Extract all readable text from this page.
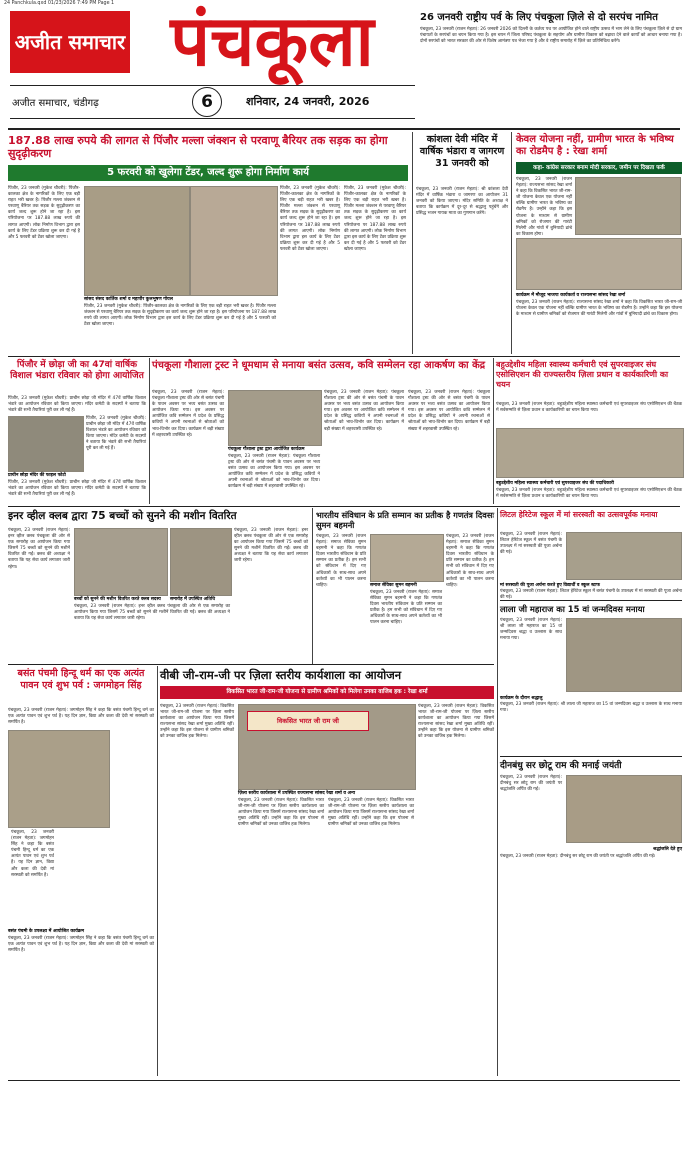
24 Panchkula.qxd 01/23/2026 7:49 PM Page 1
अजीत समाचार पंचकूला
अजीत समाचार, चंडीगढ़	6	शनिवार, 24 जनवरी, 2026
26 जनवरी राष्ट्रीय पर्व के लिए पंचकूला ज़िले से दो सरपंच नामित
पंचकूला, 23 जनवरी (राजन मेहता): 26 जनवरी 2026 को दिल्ली के कर्तव्य पथ पर आयोजित होने वाले राष्ट्रीय उत्सव में भाग लेने के लिए पंचकूला ज़िले से दो ग्राम पंचायतों के सरपंचों का चयन किया गया है। इस चयन में जिला परिषद पंचकूला के सहयोग और ग्रामीण विकास को बढ़ावा देने वाले कार्यों को आधार बनाया गया है। दोनों सरपंचों को भारत सरकार की ओर से विशेष आमंत्रण पत्र भेजा गया है और वे राष्ट्रीय समारोह में ज़िले का प्रतिनिधित्व करेंगे।
187.88 लाख रुपये की लागत से पिंजौर मल्ला जंक्शन से परवाणू बैरियर तक सड़क का होगा सुदृढ़ीकरण
5 फरवरी को खुलेगा टेंडर, जल्द शुरू होगा निर्माण कार्य
पिंजौर, 23 जनवरी (मुकेश चौधरी): पिंजौर-कालका क्षेत्र के नागरिकों के लिए एक बड़ी राहत भरी खबर है। पिंजौर मल्ला जंक्शन से परवाणू बैरियर तक सड़क के सुदृढ़ीकरण का कार्य जल्द शुरू होने जा रहा है। इस परियोजना पर 187.88 लाख रुपये की लागत आएगी। लोक निर्माण विभाग द्वारा इस कार्य के लिए टेंडर प्रक्रिया शुरू कर दी गई है और 5 फरवरी को टेंडर खोला जाएगा।
सांसद संसद कार्तिक शर्मा व महापौर कुलभूषण गोयल
पिंजौर, 23 जनवरी (मुकेश चौधरी): पिंजौर-कालका क्षेत्र के नागरिकों के लिए एक बड़ी राहत भरी खबर है। पिंजौर मल्ला जंक्शन से परवाणू बैरियर तक सड़क के सुदृढ़ीकरण का कार्य जल्द शुरू होने जा रहा है। इस परियोजना पर 187.88 लाख रुपये की लागत आएगी। लोक निर्माण विभाग द्वारा इस कार्य के लिए टेंडर प्रक्रिया शुरू कर दी गई है और 5 फरवरी को टेंडर खोला जाएगा।
पिंजौर, 23 जनवरी (मुकेश चौधरी): पिंजौर-कालका क्षेत्र के नागरिकों के लिए एक बड़ी राहत भरी खबर है। पिंजौर मल्ला जंक्शन से परवाणू बैरियर तक सड़क के सुदृढ़ीकरण का कार्य जल्द शुरू होने जा रहा है। इस परियोजना पर 187.88 लाख रुपये की लागत आएगी। लोक निर्माण विभाग द्वारा इस कार्य के लिए टेंडर प्रक्रिया शुरू कर दी गई है और 5 फरवरी को टेंडर खोला जाएगा।
पिंजौर, 23 जनवरी (मुकेश चौधरी): पिंजौर-कालका क्षेत्र के नागरिकों के लिए एक बड़ी राहत भरी खबर है। पिंजौर मल्ला जंक्शन से परवाणू बैरियर तक सड़क के सुदृढ़ीकरण का कार्य जल्द शुरू होने जा रहा है। इस परियोजना पर 187.88 लाख रुपये की लागत आएगी। लोक निर्माण विभाग द्वारा इस कार्य के लिए टेंडर प्रक्रिया शुरू कर दी गई है और 5 फरवरी को टेंडर खोला जाएगा।
कांशला देवी मंदिर में वार्षिक भंडारा व जागरण 31 जनवरी को
पंचकूला, 23 जनवरी (राजन मेहता): श्री कांशला देवी मंदिर में वार्षिक भंडारा व जागरण का आयोजन 31 जनवरी को किया जाएगा। मंदिर समिति के अध्यक्ष ने बताया कि कार्यक्रम में दूर-दूर से श्रद्धालु पहुंचेंगे और प्रसिद्ध भजन गायक माता का गुणगान करेंगे।
केवल योजना नहीं, ग्रामीण भारत के भविष्य का रोडमैप है : रेखा शर्मा
कहा- कांग्रेस सरकार बनाम मोदी सरकार, जमीन पर दिखता फर्क
पंचकूला, 23 जनवरी (राजन मेहता): राज्यसभा सांसद रेखा शर्मा ने कहा कि विकसित भारत जी-राम-जी योजना केवल एक योजना नहीं बल्कि ग्रामीण भारत के भविष्य का रोडमैप है। उन्होंने कहा कि इस योजना के माध्यम से ग्रामीण श्रमिकों को रोजगार की गारंटी मिलेगी और गांवों में बुनियादी ढांचे का विकास होगा।
कार्यक्रम में मौजूद भाजपा कार्यकर्ता व राज्यसभा सांसद रेखा शर्मा
पंचकूला, 23 जनवरी (राजन मेहता): राज्यसभा सांसद रेखा शर्मा ने कहा कि विकसित भारत जी-राम-जी योजना केवल एक योजना नहीं बल्कि ग्रामीण भारत के भविष्य का रोडमैप है। उन्होंने कहा कि इस योजना के माध्यम से ग्रामीण श्रमिकों को रोजगार की गारंटी मिलेगी और गांवों में बुनियादी ढांचे का विकास होगा।
पिंजौर में छोड़ा जी का 47वां वार्षिक विशाल भंडारा रविवार को होगा आयोजित
पिंजौर, 23 जनवरी (मुकेश चौधरी): प्राचीन छोड़ा जी मंदिर में 47वें वार्षिक विशाल भंडारे का आयोजन रविवार को किया जाएगा। मंदिर कमेटी के सदस्यों ने बताया कि भंडारे की सभी तैयारियां पूरी कर ली गई हैं।
प्राचीन छोड़ा मंदिर की फाइल फोटो
पिंजौर, 23 जनवरी (मुकेश चौधरी): प्राचीन छोड़ा जी मंदिर में 47वें वार्षिक विशाल भंडारे का आयोजन रविवार को किया जाएगा। मंदिर कमेटी के सदस्यों ने बताया कि भंडारे की सभी तैयारियां पूरी कर ली गई हैं।
पिंजौर, 23 जनवरी (मुकेश चौधरी): प्राचीन छोड़ा जी मंदिर में 47वें वार्षिक विशाल भंडारे का आयोजन रविवार को किया जाएगा। मंदिर कमेटी के सदस्यों ने बताया कि भंडारे की सभी तैयारियां पूरी कर ली गई हैं।
पंचकूला गौशाला ट्रस्ट ने धूमधाम से मनाया बसंत उत्सव, कवि सम्मेलन रहा आकर्षण का केंद्र
पंचकूला, 23 जनवरी (राजन मेहता): पंचकूला गौशाला ट्रस्ट की ओर से बसंत पंचमी के पावन अवसर पर भव्य बसंत उत्सव का आयोजन किया गया। इस अवसर पर आयोजित कवि सम्मेलन में प्रदेश के प्रसिद्ध कवियों ने अपनी रचनाओं से श्रोताओं को भाव-विभोर कर दिया। कार्यक्रम में बड़ी संख्या में शहरवासी उपस्थित रहे।
पंचकूला गौशाला ट्रस्ट द्वारा आयोजित कार्यक्रम
पंचकूला, 23 जनवरी (राजन मेहता): पंचकूला गौशाला ट्रस्ट की ओर से बसंत पंचमी के पावन अवसर पर भव्य बसंत उत्सव का आयोजन किया गया। इस अवसर पर आयोजित कवि सम्मेलन में प्रदेश के प्रसिद्ध कवियों ने अपनी रचनाओं से श्रोताओं को भाव-विभोर कर दिया। कार्यक्रम में बड़ी संख्या में शहरवासी उपस्थित रहे।
पंचकूला, 23 जनवरी (राजन मेहता): पंचकूला गौशाला ट्रस्ट की ओर से बसंत पंचमी के पावन अवसर पर भव्य बसंत उत्सव का आयोजन किया गया। इस अवसर पर आयोजित कवि सम्मेलन में प्रदेश के प्रसिद्ध कवियों ने अपनी रचनाओं से श्रोताओं को भाव-विभोर कर दिया। कार्यक्रम में बड़ी संख्या में शहरवासी उपस्थित रहे।
पंचकूला, 23 जनवरी (राजन मेहता): पंचकूला गौशाला ट्रस्ट की ओर से बसंत पंचमी के पावन अवसर पर भव्य बसंत उत्सव का आयोजन किया गया। इस अवसर पर आयोजित कवि सम्मेलन में प्रदेश के प्रसिद्ध कवियों ने अपनी रचनाओं से श्रोताओं को भाव-विभोर कर दिया। कार्यक्रम में बड़ी संख्या में शहरवासी उपस्थित रहे।
बहुउद्देशीय महिला स्वास्थ्य कर्मचारी एवं सुपरवाइजर संघ एसोसिएशन की राज्यस्तरीय ज़िला प्रधान व कार्यकारिणी का चयन
पंचकूला, 23 जनवरी (राजन मेहता): बहुउद्देशीय महिला स्वास्थ्य कर्मचारी एवं सुपरवाइजर संघ एसोसिएशन की बैठक में सर्वसम्मति से ज़िला प्रधान व कार्यकारिणी का चयन किया गया।
बहुउद्देशीय महिला स्वास्थ्य कर्मचारी एवं सुपरवाइजर संघ की पदाधिकारी
पंचकूला, 23 जनवरी (राजन मेहता): बहुउद्देशीय महिला स्वास्थ्य कर्मचारी एवं सुपरवाइजर संघ एसोसिएशन की बैठक में सर्वसम्मति से ज़िला प्रधान व कार्यकारिणी का चयन किया गया।
इनर व्हील क्लब द्वारा 75 बच्चों को सुनने की मशीन वितरित
पंचकूला, 23 जनवरी (राजन मेहता): इनर व्हील क्लब पंचकूला की ओर से एक समारोह का आयोजन किया गया जिसमें 75 बच्चों को सुनने की मशीनें वितरित की गईं। क्लब की अध्यक्षा ने बताया कि यह सेवा कार्य लगातार जारी रहेगा।
बच्चों को सुनने की मशीन वितरित करते क्लब सदस्य	समारोह में उपस्थित अतिथि
पंचकूला, 23 जनवरी (राजन मेहता): इनर व्हील क्लब पंचकूला की ओर से एक समारोह का आयोजन किया गया जिसमें 75 बच्चों को सुनने की मशीनें वितरित की गईं। क्लब की अध्यक्षा ने बताया कि यह सेवा कार्य लगातार जारी रहेगा।
पंचकूला, 23 जनवरी (राजन मेहता): इनर व्हील क्लब पंचकूला की ओर से एक समारोह का आयोजन किया गया जिसमें 75 बच्चों को सुनने की मशीनें वितरित की गईं। क्लब की अध्यक्षा ने बताया कि यह सेवा कार्य लगातार जारी रहेगा।
भारतीय संविधान के प्रति सम्मान का प्रतीक है गणतंत्र दिवसः सुमन बहमनी
पंचकूला, 23 जनवरी (राजन मेहता): समाज सेविका सुमन बहमनी ने कहा कि गणतंत्र दिवस भारतीय संविधान के प्रति सम्मान का प्रतीक है। हम सभी को संविधान में दिए गए अधिकारों के साथ-साथ अपने कर्तव्यों का भी पालन करना चाहिए।	समाज सेविका सुमन बहमनी
पंचकूला, 23 जनवरी (राजन मेहता): समाज सेविका सुमन बहमनी ने कहा कि गणतंत्र दिवस भारतीय संविधान के प्रति सम्मान का प्रतीक है। हम सभी को संविधान में दिए गए अधिकारों के साथ-साथ अपने कर्तव्यों का भी पालन करना चाहिए।
पंचकूला, 23 जनवरी (राजन मेहता): समाज सेविका सुमन बहमनी ने कहा कि गणतंत्र दिवस भारतीय संविधान के प्रति सम्मान का प्रतीक है। हम सभी को संविधान में दिए गए अधिकारों के साथ-साथ अपने कर्तव्यों का भी पालन करना चाहिए।
लिटल हेरिटेज स्कूल में मां सरस्वती का उत्सवपूर्वक मनाया
पंचकूला, 23 जनवरी (राजन मेहता): लिटल हेरिटेज स्कूल में बसंत पंचमी के उपलक्ष्य में मां सरस्वती की पूजा अर्चना की गई।
मां सरस्वती की पूजा अर्चना करते हुए विद्यार्थी व स्कूल स्टाफ
पंचकूला, 23 जनवरी (राजन मेहता): लिटल हेरिटेज स्कूल में बसंत पंचमी के उपलक्ष्य में मां सरस्वती की पूजा अर्चना की गई।
लाला जी महाराज का 15 वां जन्मदिवस मनाया
पंचकूला, 23 जनवरी (राजन मेहता): श्री लाला जी महाराज का 15 वां जन्मदिवस श्रद्धा व उल्लास के साथ मनाया गया।
कार्यक्रम के दौरान श्रद्धालु
पंचकूला, 23 जनवरी (राजन मेहता): श्री लाला जी महाराज का 15 वां जन्मदिवस श्रद्धा व उल्लास के साथ मनाया गया।
दीनबंधु सर छोटू राम की मनाई जयंती
पंचकूला, 23 जनवरी (राजन मेहता): दीनबंधु सर छोटू राम की जयंती पर श्रद्धांजलि अर्पित की गई।
श्रद्धांजलि देते हुए
पंचकूला, 23 जनवरी (राजन मेहता): दीनबंधु सर छोटू राम की जयंती पर श्रद्धांजलि अर्पित की गई।
बसंत पंचमी हिन्दू धर्म का एक अत्यंत पावन एवं शुभ पर्व : जगमोहन सिंह
पंचकूला, 23 जनवरी (राजन मेहता): जगमोहन सिंह ने कहा कि बसंत पंचमी हिन्दू धर्म का एक अत्यंत पावन एवं शुभ पर्व है। यह दिन ज्ञान, विद्या और कला की देवी मां सरस्वती को समर्पित है।
पंचकूला, 23 जनवरी (राजन मेहता): जगमोहन सिंह ने कहा कि बसंत पंचमी हिन्दू धर्म का एक अत्यंत पावन एवं शुभ पर्व है। यह दिन ज्ञान, विद्या और कला की देवी मां सरस्वती को समर्पित है।
बसंत पंचमी के उपलक्ष्य में आयोजित कार्यक्रम
पंचकूला, 23 जनवरी (राजन मेहता): जगमोहन सिंह ने कहा कि बसंत पंचमी हिन्दू धर्म का एक अत्यंत पावन एवं शुभ पर्व है। यह दिन ज्ञान, विद्या और कला की देवी मां सरस्वती को समर्पित है।
वीबी जी-राम-जी पर ज़िला स्तरीय कार्यशाला का आयोजन
विकसित भारत जी-राम-जी योजना से ग्रामीण श्रमिकों को मिलेगा उनका वाजिब हक : रेखा शर्मा
पंचकूला, 23 जनवरी (राजन मेहता): विकसित भारत जी-राम-जी योजना पर ज़िला स्तरीय कार्यशाला का आयोजन किया गया जिसमें राज्यसभा सांसद रेखा शर्मा मुख्य अतिथि रहीं। उन्होंने कहा कि इस योजना से ग्रामीण श्रमिकों को उनका वाजिब हक मिलेगा।
विकसित भारत जी राम जी
ज़िला स्तरीय कार्यशाला में उपस्थित राज्यसभा सांसद रेखा शर्मा व अन्य
पंचकूला, 23 जनवरी (राजन मेहता): विकसित भारत जी-राम-जी योजना पर ज़िला स्तरीय कार्यशाला का आयोजन किया गया जिसमें राज्यसभा सांसद रेखा शर्मा मुख्य अतिथि रहीं। उन्होंने कहा कि इस योजना से ग्रामीण श्रमिकों को उनका वाजिब हक मिलेगा।
पंचकूला, 23 जनवरी (राजन मेहता): विकसित भारत जी-राम-जी योजना पर ज़िला स्तरीय कार्यशाला का आयोजन किया गया जिसमें राज्यसभा सांसद रेखा शर्मा मुख्य अतिथि रहीं। उन्होंने कहा कि इस योजना से ग्रामीण श्रमिकों को उनका वाजिब हक मिलेगा।
पंचकूला, 23 जनवरी (राजन मेहता): विकसित भारत जी-राम-जी योजना पर ज़िला स्तरीय कार्यशाला का आयोजन किया गया जिसमें राज्यसभा सांसद रेखा शर्मा मुख्य अतिथि रहीं। उन्होंने कहा कि इस योजना से ग्रामीण श्रमिकों को उनका वाजिब हक मिलेगा।
